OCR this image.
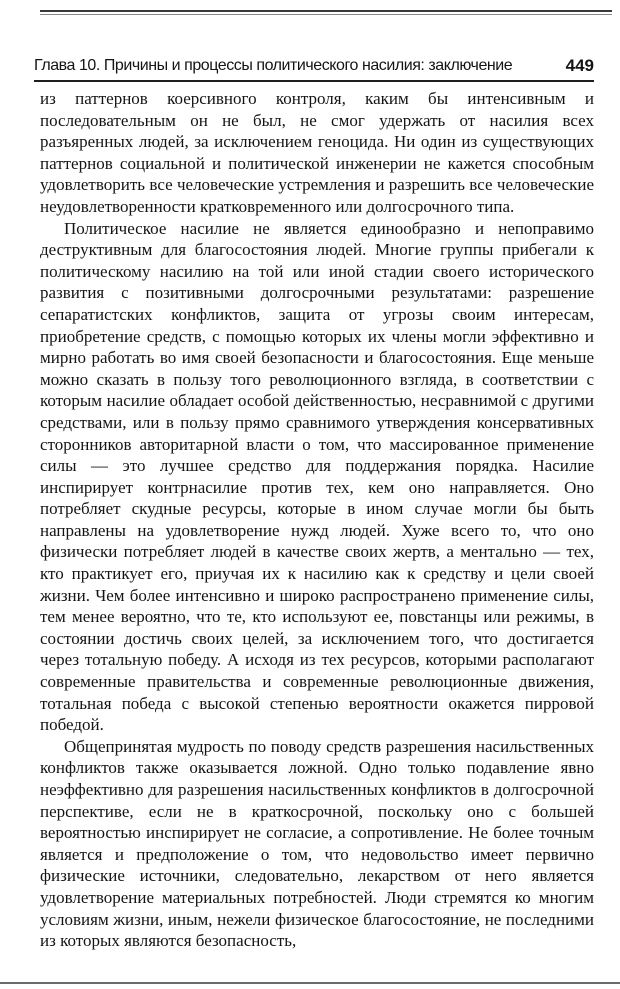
Глава 10. Причины и процессы политического насилия: заключение	449

из паттернов коерсивного контроля, каким бы интенсивным и последовательным он не был, не смог удержать от насилия всех разъяренных людей, за исключением геноцида. Ни один из существующих паттернов социальной и политической инженерии не кажется способным удовлетворить все человеческие устремления и разрешить все человеческие неудовлетворенности кратковременного или долгосрочного типа.

Политическое насилие не является единообразно и непоправимо деструктивным для благосостояния людей. Многие группы прибегали к политическому насилию на той или иной стадии своего исторического развития с позитивными долгосрочными результатами: разрешение сепаратистских конфликтов, защита от угрозы своим интересам, приобретение средств, с помощью которых их члены могли эффективно и мирно работать во имя своей безопасности и благосостояния. Еще меньше можно сказать в пользу того революционного взгляда, в соответствии с которым насилие обладает особой действенностью, несравнимой с другими средствами, или в пользу прямо сравнимого утверждения консервативных сторонников авторитарной власти о том, что массированное применение силы — это лучшее средство для поддержания порядка. Насилие инспирирует контрнасилие против тех, кем оно направляется. Оно потребляет скудные ресурсы, которые в ином случае могли бы быть направлены на удовлетворение нужд людей. Хуже всего то, что оно физически потребляет людей в качестве своих жертв, а ментально — тех, кто практикует его, приучая их к насилию как к средству и цели своей жизни. Чем более интенсивно и широко распространено применение силы, тем менее вероятно, что те, кто используют ее, повстанцы или режимы, в состоянии достичь своих целей, за исключением того, что достигается через тотальную победу. А исходя из тех ресурсов, которыми располагают современные правительства и современные революционные движения, тотальная победа с высокой степенью вероятности окажется пирровой победой.

Общепринятая мудрость по поводу средств разрешения насильственных конфликтов также оказывается ложной. Одно только подавление явно неэффективно для разрешения насильственных конфликтов в долгосрочной перспективе, если не в краткосрочной, поскольку оно с большей вероятностью инспирирует не согласие, а сопротивление. Не более точным является и предположение о том, что недовольство имеет первично физические источники, следовательно, лекарством от него является удовлетворение материальных потребностей. Люди стремятся ко многим условиям жизни, иным, нежели физическое благосостояние, не последними из которых являются безопасность,
